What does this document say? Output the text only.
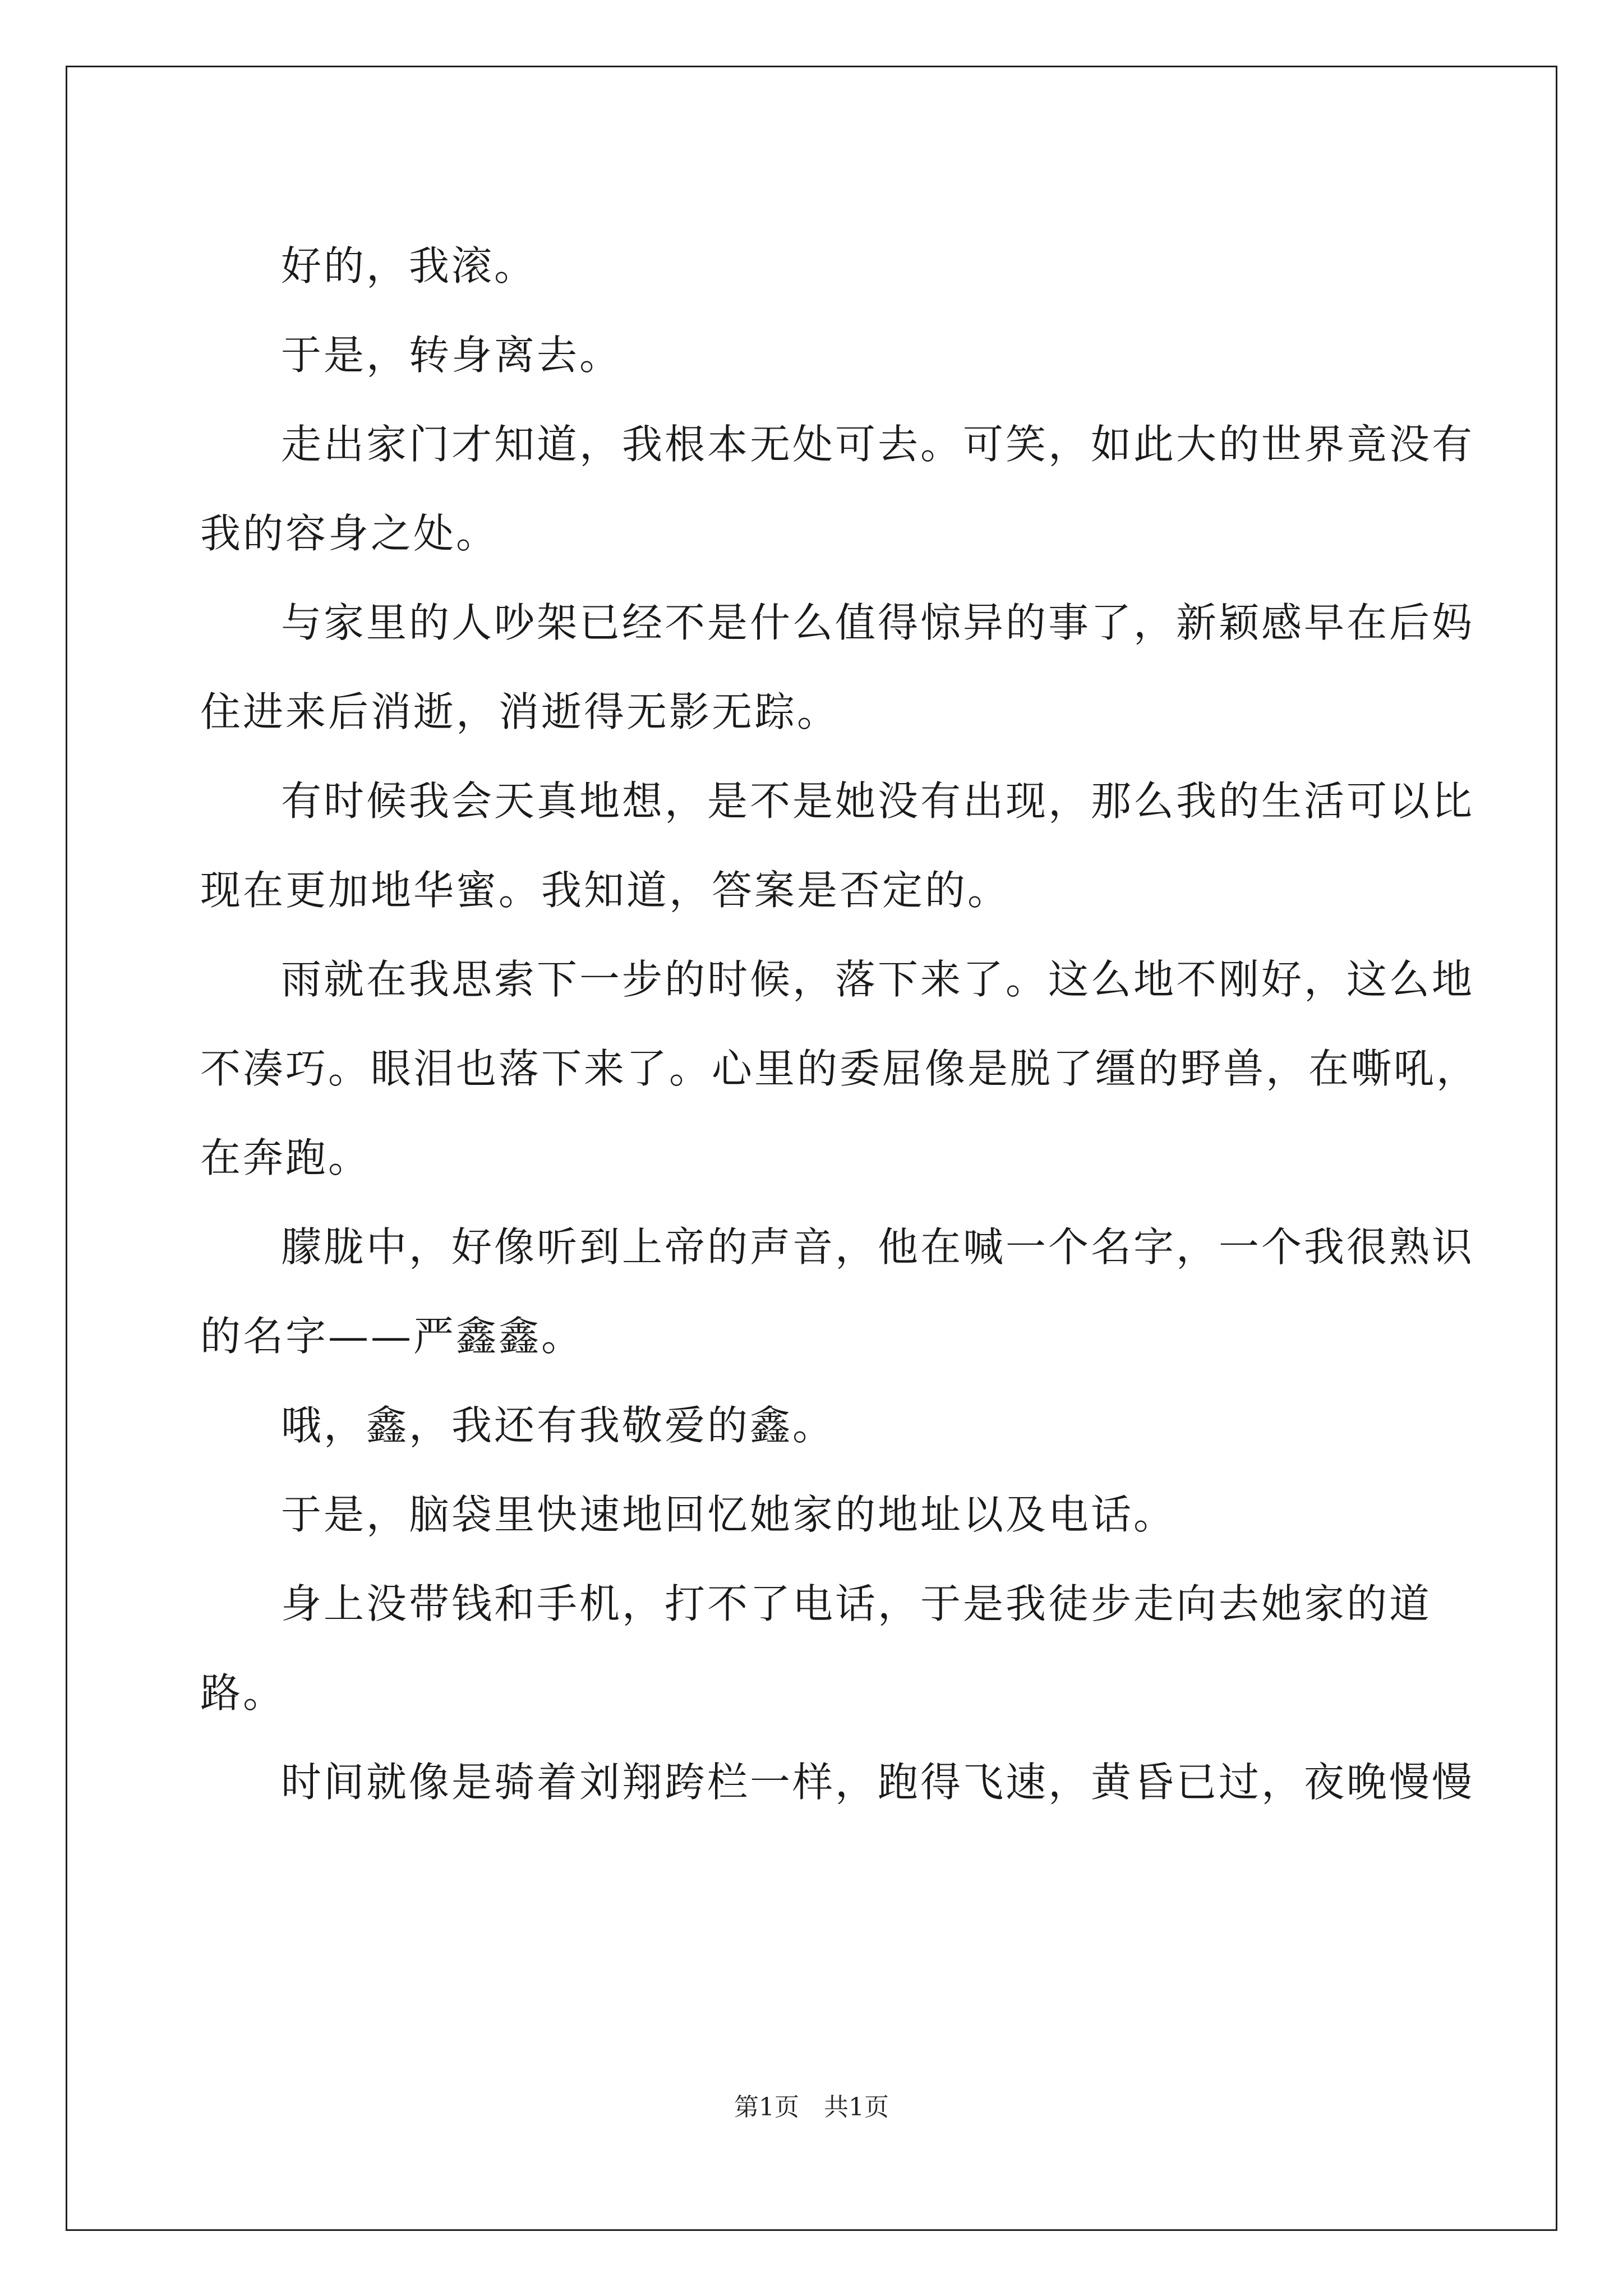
好的，我滚。

于是，转身离去。

走出家门才知道，我根本无处可去。可笑，如此大的世界竟没有我的容身之处。

与家里的人吵架已经不是什么值得惊异的事了，新颖感早在后妈住进来后消逝，消逝得无影无踪。

有时候我会天真地想，是不是她没有出现，那么我的生活可以比现在更加地华蜜。我知道，答案是否定的。

雨就在我思索下一步的时候，落下来了。这么地不刚好，这么地不凑巧。眼泪也落下来了。心里的委屈像是脱了缰的野兽，在嘶吼，在奔跑。

朦胧中，好像听到上帝的声音，他在喊一个名字，一个我很熟识的名字——严鑫鑫。

哦，鑫，我还有我敬爱的鑫。

于是，脑袋里快速地回忆她家的地址以及电话。

身上没带钱和手机，打不了电话，于是我徒步走向去她家的道路。

时间就像是骑着刘翔跨栏一样，跑得飞速，黄昏已过，夜晚慢慢

第1页　共1页
